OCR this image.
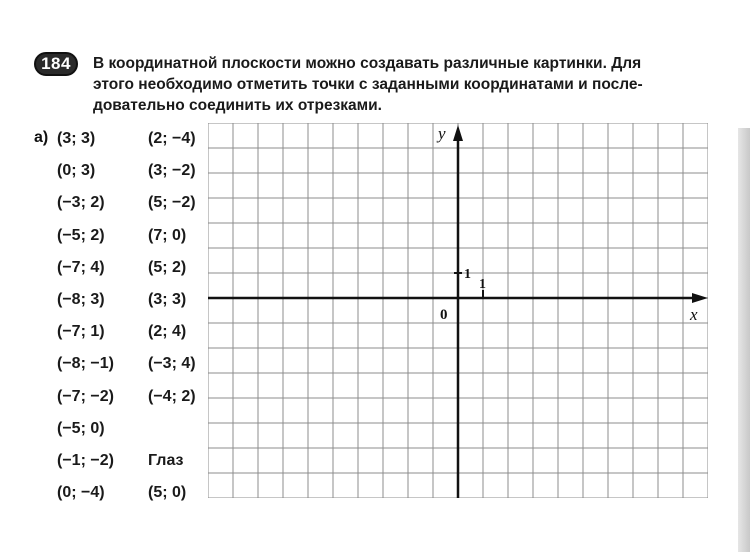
184 В координатной плоскости можно создавать различные картинки. Для
этого необходимо отметить точки с заданными координатами и после-
довательно соединить их отрезками.
а) (3; 3)
(0; 3)
(−3; 2)
(−5; 2)
(−7; 4)
(−8; 3)
(−7; 1)
(−8; −1)
(−7; −2)
(−5; 0)
(−1; −2)
(0; −4)
(2; −4)
(3; −2)
(5; −2)
(7; 0)
(5; 2)
(3; 3)
(2; 4)
(−3; 4)
(−4; 2)
Глаз
(5; 0)
y
x
0
1
1
